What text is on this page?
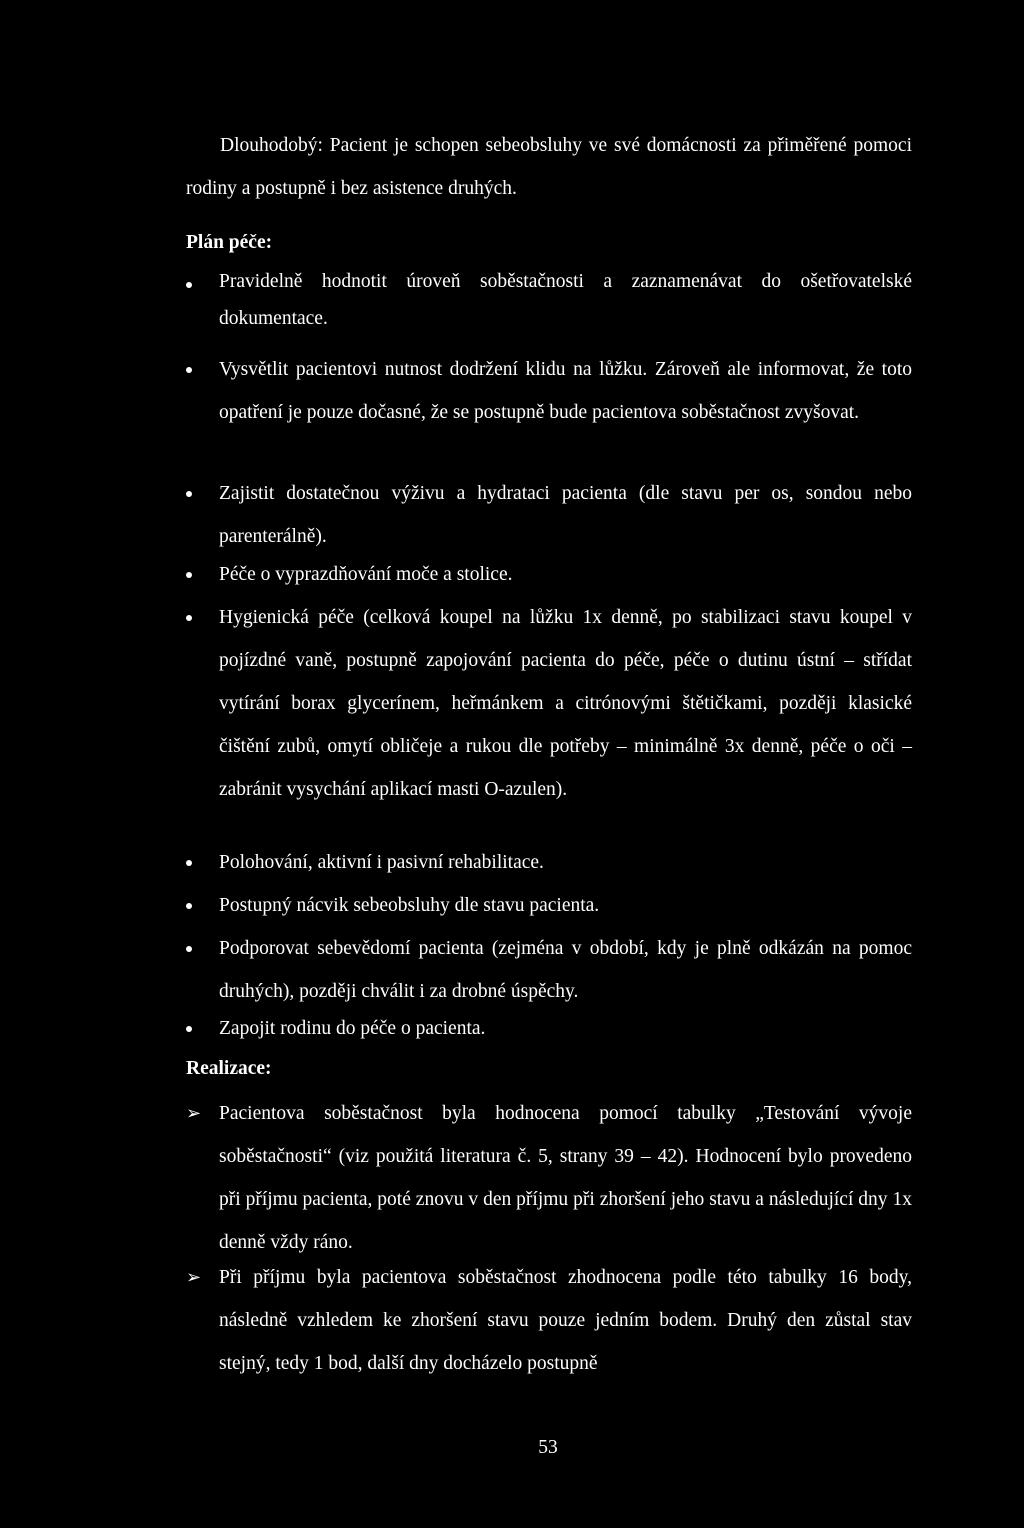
Dlouhodobý: Pacient je schopen sebeobsluhy ve své domácnosti za přiměřené pomoci rodiny a postupně i bez asistence druhých.
Plán péče:
Pravidelně hodnotit úroveň soběstačnosti a zaznamenávat do ošetřovatelské dokumentace.
Vysvětlit pacientovi nutnost dodržení klidu na lůžku. Zároveň ale informovat, že toto opatření je pouze dočasné, že se postupně bude pacientova soběstačnost zvyšovat.
Zajistit dostatečnou výživu a hydrataci pacienta (dle stavu per os, sondou nebo parenterálně).
Péče o vyprazdňování moče a stolice.
Hygienická péče (celková koupel na lůžku 1x denně, po stabilizaci stavu koupel v pojízdné vaně, postupně zapojování pacienta do péče, péče o dutinu ústní – střídat vytírání borax glycerínem, heřmánkem a citrónovými štětičkami, později klasické čištění zubů, omytí obličeje a rukou dle potřeby – minimálně 3x denně, péče o oči – zabránit vysychání aplikací masti O-azulen).
Polohování, aktivní i pasivní rehabilitace.
Postupný nácvik sebeobsluhy dle stavu pacienta.
Podporovat sebevědomí pacienta (zejména v období, kdy je plně odkázán na pomoc druhých), později chválit i za drobné úspěchy.
Zapojit rodinu do péče o pacienta.
Realizace:
➢ Pacientova soběstačnost byla hodnocena pomocí tabulky „Testování vývoje soběstačnosti“ (viz použitá literatura č. 5, strany 39 – 42). Hodnocení bylo provedeno při příjmu pacienta, poté znovu v den příjmu při zhoršení jeho stavu a následující dny 1x denně vždy ráno.
➢ Při příjmu byla pacientova soběstačnost zhodnocena podle této tabulky 16 body, následně vzhledem ke zhoršení stavu pouze jedním bodem. Druhý den zůstal stav stejný, tedy 1 bod, další dny docházelo postupně
53
